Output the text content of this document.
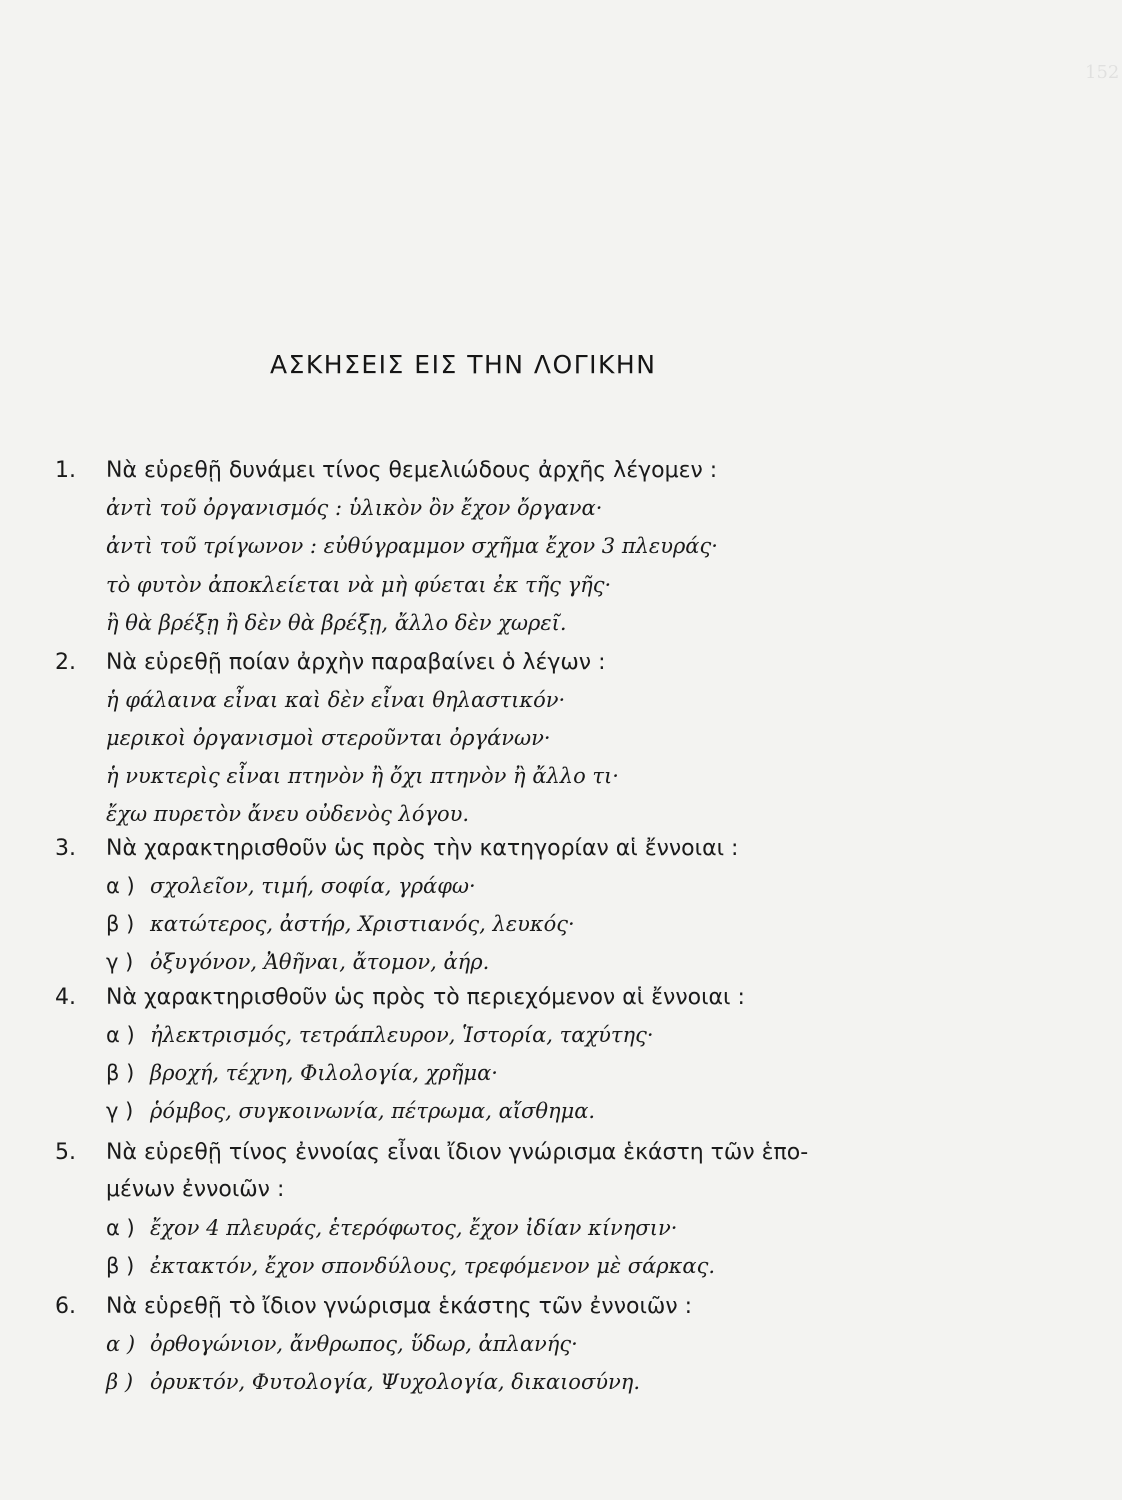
152
ΑΣΚΗΣΕΙΣ ΕΙΣ ΤΗΝ ΛΟΓΙΚΗΝ
1. Νὰ εὑρεθῇ δυνάμει τίνος θεμελιώδους ἀρχῆς λέγομεν :
ἀντὶ τοῦ ὀργανισμός : ὑλικὸν ὂν ἔχον ὄργανα·
ἀντὶ τοῦ τρίγωνον : εὐθύγραμμον σχῆμα ἔχον 3 πλευράς·
τὸ φυτὸν ἀποκλείεται νὰ μὴ φύεται ἐκ τῆς γῆς·
ἢ θὰ βρέξῃ ἢ δὲν θὰ βρέξῃ, ἄλλο δὲν χωρεῖ.
2. Νὰ εὑρεθῇ ποίαν ἀρχὴν παραβαίνει ὁ λέγων :
ἡ φάλαινα εἶναι καὶ δὲν εἶναι θηλαστικόν·
μερικοὶ ὀργανισμοὶ στεροῦνται ὀργάνων·
ἡ νυκτερὶς εἶναι πτηνὸν ἢ ὄχι πτηνὸν ἢ ἄλλο τι·
ἔχω πυρετὸν ἄνευ οὐδενὸς λόγου.
3. Νὰ χαρακτηρισθοῦν ὡς πρὸς τὴν κατηγορίαν αἱ ἔννοιαι :
α ) σχολεῖον, τιμή, σοφία, γράφω·
β ) κατώτερος, ἀστήρ, Χριστιανός, λευκός·
γ ) ὀξυγόνον, Ἀθῆναι, ἄτομον, ἀήρ.
4. Νὰ χαρακτηρισθοῦν ὡς πρὸς τὸ περιεχόμενον αἱ ἔννοιαι :
α ) ἠλεκτρισμός, τετράπλευρον, Ἱστορία, ταχύτης·
β ) βροχή, τέχνη, Φιλολογία, χρῆμα·
γ ) ῥόμβος, συγκοινωνία, πέτρωμα, αἴσθημα.
5. Νὰ εὑρεθῇ τίνος ἐννοίας εἶναι ἴδιον γνώρισμα ἑκάστη τῶν ἑπο-
μένων ἐννοιῶν :
α ) ἔχον 4 πλευράς, ἑτερόφωτος, ἔχον ἰδίαν κίνησιν·
β ) ἐκτακτόν, ἔχον σπονδύλους, τρεφόμενον μὲ σάρκας.
6. Νὰ εὑρεθῇ τὸ ἴδιον γνώρισμα ἑκάστης τῶν ἐννοιῶν :
α ) ὀρθογώνιον, ἄνθρωπος, ὕδωρ, ἀπλανής·
β ) ὀρυκτόν, Φυτολογία, Ψυχολογία, δικαιοσύνη.
